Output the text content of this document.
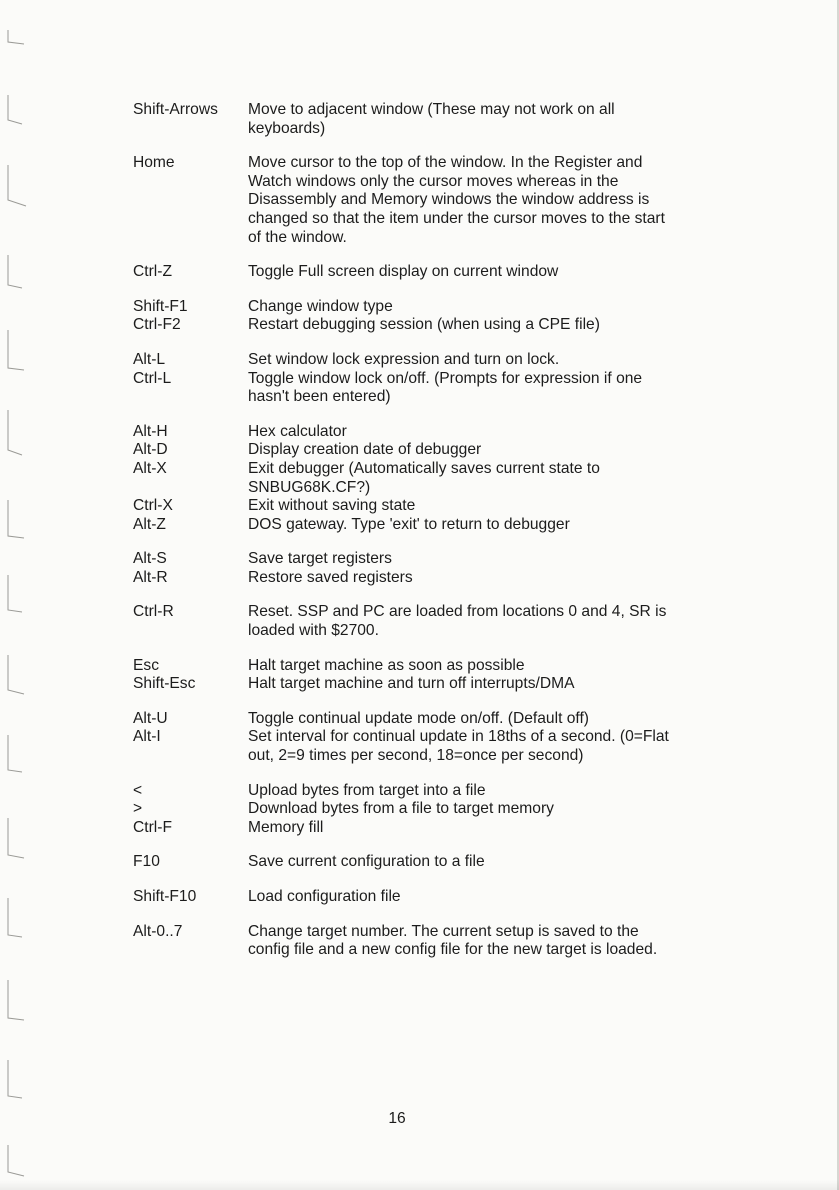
Shift-Arrows Move to adjacent window (These may not work on all
keyboards)
Home	Move cursor to the top of the window. In the Register and
Watch windows only the cursor moves whereas in the
Disassembly and Memory windows the window address is
changed so that the item under the cursor moves to the start
of the window.
Ctrl-Z	Toggle Full screen display on current window
Shift-F1	Change window type
Ctrl-F2	Restart debugging session (when using a CPE file)
Alt-L	Set window lock expression and turn on lock.
Ctrl-L	Toggle window lock on/off. (Prompts for expression if one
hasn't been entered)
Alt-H	Hex calculator
Alt-D	Display creation date of debugger
Alt-X	Exit debugger (Automatically saves current state to
SNBUG68K.CF?)
Ctrl-X	Exit without saving state
Alt-Z	DOS gateway. Type 'exit' to return to debugger
Alt-S	Save target registers
Alt-R	Restore saved registers
Ctrl-R	Reset. SSP and PC are loaded from locations 0 and 4, SR is
loaded with $2700.
Esc	Halt target machine as soon as possible
Shift-Esc	Halt target machine and turn off interrupts/DMA
Alt-U	Toggle continual update mode on/off. (Default off)
Alt-I	Set interval for continual update in 18ths of a second. (0=Flat
out, 2=9 times per second, 18=once per second)
<	Upload bytes from target into a file
>	Download bytes from a file to target memory
Ctrl-F	Memory fill
F10	Save current configuration to a file
Shift-F10	Load configuration file
Alt-0..7	Change target number. The current setup is saved to the
config file and a new config file for the new target is loaded.
16
